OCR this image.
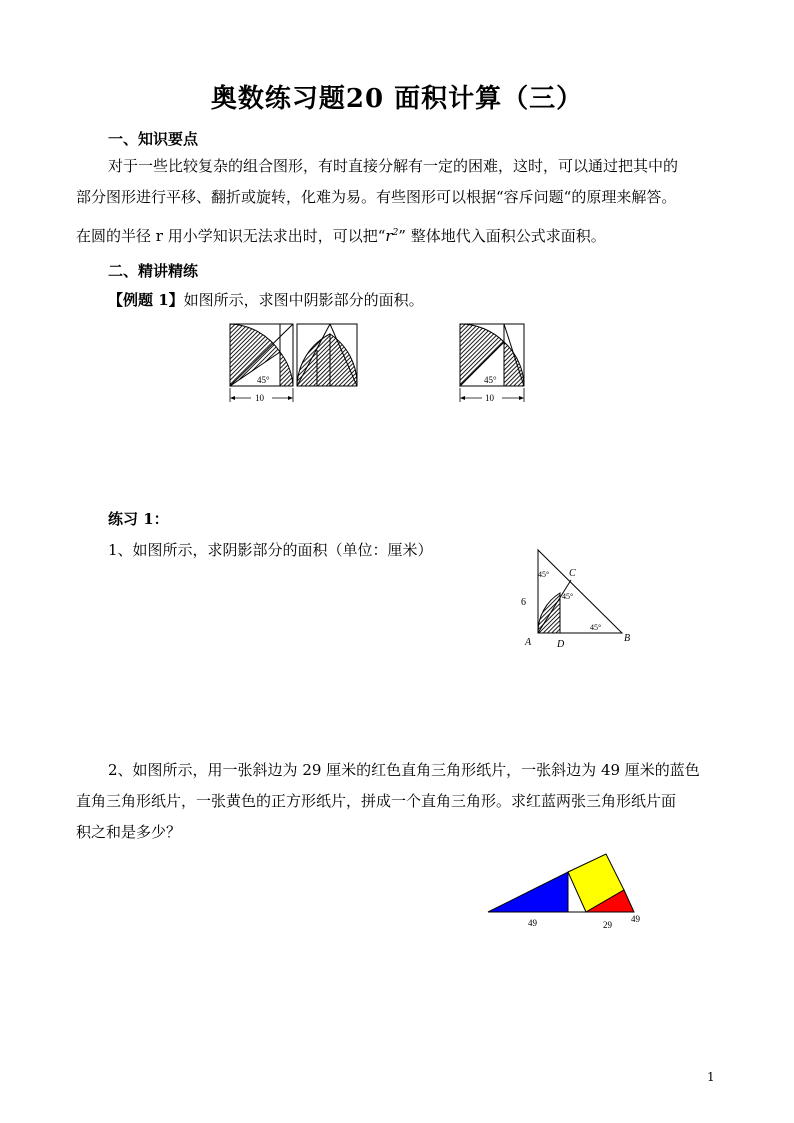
奥数练习题20 面积计算（三）
一、知识要点
对于一些比较复杂的组合图形，有时直接分解有一定的困难，这时，可以通过把其中的
部分图形进行平移、翻折或旋转，化难为易。有些图形可以根据“容斥问题“的原理来解答。
在圆的半径 r 用小学知识无法求出时，可以把“$r^2$” 整体地代入面积公式求面积。
二、精讲精练
【例题 1】如图所示，求图中阴影部分的面积。
45°
10
45°
10
练习 1：
1、如图所示，求阴影部分的面积（单位：厘米）
6
45°
45°
45°
C
A	D
B
2、如图所示，用一张斜边为 29 厘米的红色直角三角形纸片，一张斜边为 49 厘米的蓝色
直角三角形纸片，一张黄色的正方形纸片，拼成一个直角三角形。求红蓝两张三角形纸片面
积之和是多少？
49	29
49
1
